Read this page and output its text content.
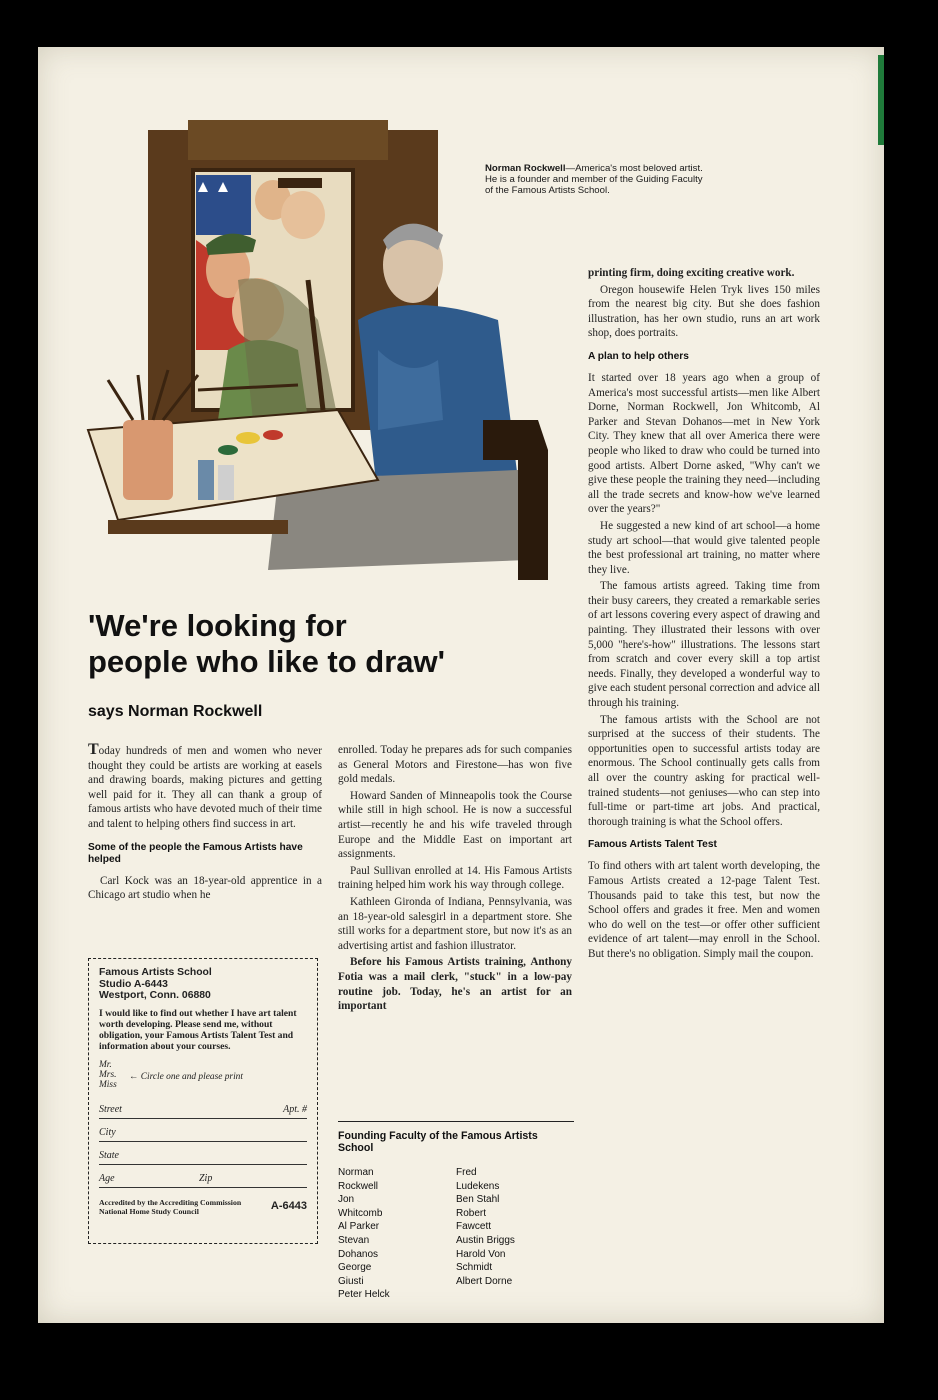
Norman Rockwell—America's most beloved artist. He is a founder and member of the Guiding Faculty of the Famous Artists School.
'We're looking for
people who like to draw'
says Norman Rockwell

Today hundreds of men and women who never thought they could be artists are working at easels and drawing boards, making pictures and getting well paid for it. They all can thank a group of famous artists who have devoted much of their time and talent to helping others find success in art.

Some of the people the Famous Artists have helped

Carl Kock was an 18-year-old apprentice in a Chicago art studio when he

enrolled. Today he prepares ads for such companies as General Motors and Firestone—has won five gold medals.

Howard Sanden of Minneapolis took the Course while still in high school. He is now a successful artist—recently he and his wife traveled through Europe and the Middle East on important art assignments.

Paul Sullivan enrolled at 14. His Famous Artists training helped him work his way through college.

Kathleen Gironda of Indiana, Pennsylvania, was an 18-year-old salesgirl in a department store. She still works for a department store, but now it's as an advertising artist and fashion illustrator.

Before his Famous Artists training, Anthony Fotia was a mail clerk, "stuck" in a low-pay routine job. Today, he's an artist for an important

printing firm, doing exciting creative work.

Oregon housewife Helen Tryk lives 150 miles from the nearest big city. But she does fashion illustration, has her own studio, runs an art work shop, does portraits.

A plan to help others

It started over 18 years ago when a group of America's most successful artists—men like Albert Dorne, Norman Rockwell, Jon Whitcomb, Al Parker and Stevan Dohanos—met in New York City. They knew that all over America there were people who liked to draw who could be turned into good artists. Albert Dorne asked, "Why can't we give these people the training they need—including all the trade secrets and know-how we've learned over the years?"

He suggested a new kind of art school—a home study art school—that would give talented people the best professional art training, no matter where they live.

The famous artists agreed. Taking time from their busy careers, they created a remarkable series of art lessons covering every aspect of drawing and painting. They illustrated their lessons with over 5,000 "here's-how" illustrations. The lessons start from scratch and cover every skill a top artist needs. Finally, they developed a wonderful way to give each student personal correction and advice all through his training.

The famous artists with the School are not surprised at the success of their students. The opportunities open to successful artists today are enormous. The School continually gets calls from all over the country asking for practical well-trained students—not geniuses—who can step into full-time or part-time art jobs. And practical, thorough training is what the School offers.

Famous Artists Talent Test

To find others with art talent worth developing, the Famous Artists created a 12-page Talent Test. Thousands paid to take this test, but now the School offers and grades it free. Men and women who do well on the test—or offer other sufficient evidence of art talent—may enroll in the School. But there's no obligation. Simply mail the coupon.

Famous Artists School
Studio A-6443
Westport, Conn. 06880
I would like to find out whether I have art talent worth developing. Please send me, without obligation, your Famous Artists Talent Test and information about your courses.
Mr.
Mrs.
Miss
← Circle one and please print
Street	Apt. #
City
State
Age	Zip
Accredited by the Accrediting Commission National Home Study Council	A-6443
Founding Faculty of the Famous Artists School
Norman Rockwell
Jon Whitcomb
Al Parker
Stevan Dohanos
George Giusti
Peter Helck
Fred Ludekens
Ben Stahl
Robert Fawcett
Austin Briggs
Harold Von Schmidt
Albert Dorne
